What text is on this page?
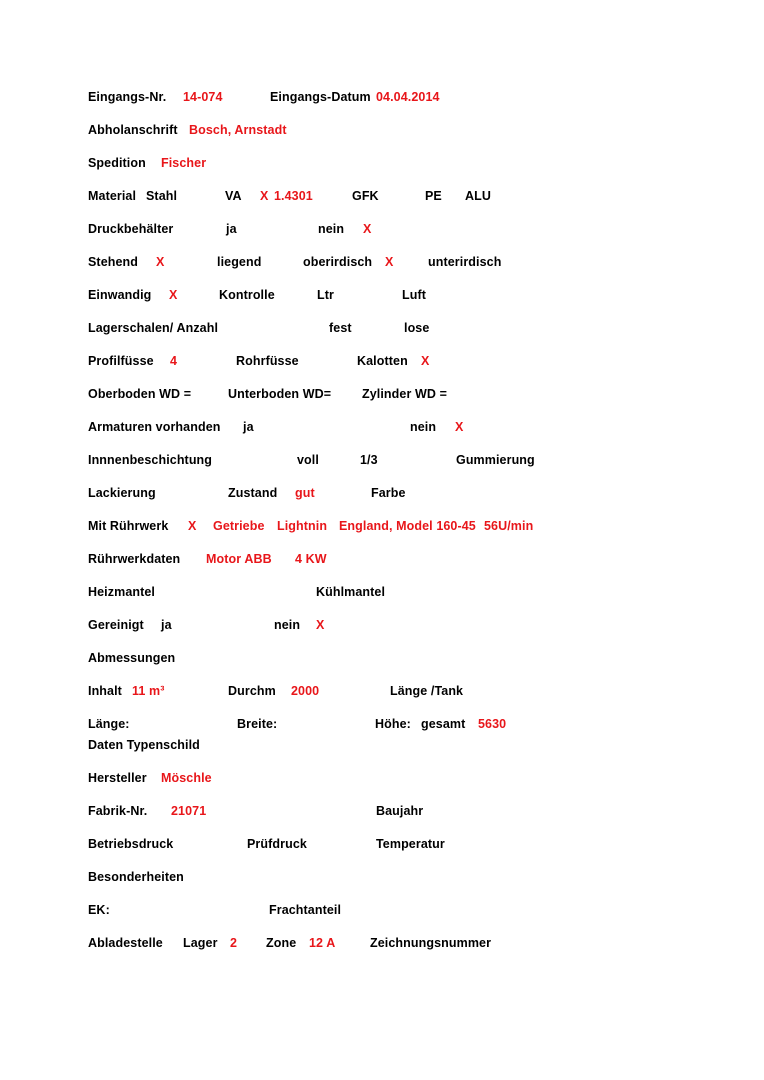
Eingangs-Nr. 14-074	Eingangs-Datum 04.04.2014
Abholanschrift Bosch, Arnstadt
Spedition Fischer
Material Stahl	VA X 1.4301	GFK	PE ALU
Druckbehälter	ja	nein X
Stehend X	liegend	oberirdisch X	unterirdisch
Einwandig X	Kontrolle	Ltr	Luft
Lagerschalen/ Anzahl	fest	lose
Profilfüsse 4	Rohrfüsse	Kalotten X
Oberboden WD =	Unterboden WD= Zylinder WD =
Armaturen vorhanden ja	nein X
Innnenbeschichtung	voll	1/3	Gummierung
Lackierung	Zustand gut	Farbe
Mit Rührwerk X Getriebe Lightnin England, Model 160-45 56U/min
Rührwerkdaten Motor ABB 4 KW
Heizmantel	Kühlmantel
Gereinigt ja	nein X
Abmessungen
Inhalt 11 m³	Durchm 2000	Länge /Tank
Länge:	Breite:	Höhe: gesamt 5630
Daten Typenschild
Hersteller Möschle
Fabrik-Nr. 21071	Baujahr
Betriebsdruck	Prüfdruck	Temperatur
Besonderheiten
EK:	Frachtanteil
Abladestelle Lager 2 Zone 12 A	Zeichnungsnummer
